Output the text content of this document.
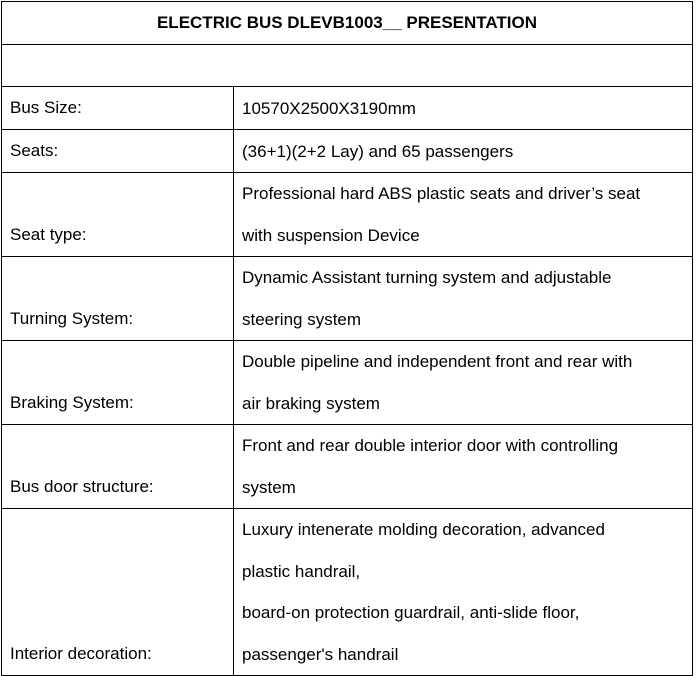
ELECTRIC BUS DLEVB1003__ PRESENTATION	

Bus Size:	10570X2500X3190mm

Seats:	(36+1)(2+2 Lay) and 65 passengers

Seat type:	Professional hard ABS plastic seats and driver’s seat
with suspension Device

Turning System:	Dynamic Assistant turning system and adjustable
steering system

Braking System:	Double pipeline and independent front and rear with
air braking system

Bus door structure:	Front and rear double interior door with controlling
system

Interior decoration:	Luxury intenerate molding decoration, advanced
plastic handrail,
board-on protection guardrail, anti-slide floor,
passenger's handrail
